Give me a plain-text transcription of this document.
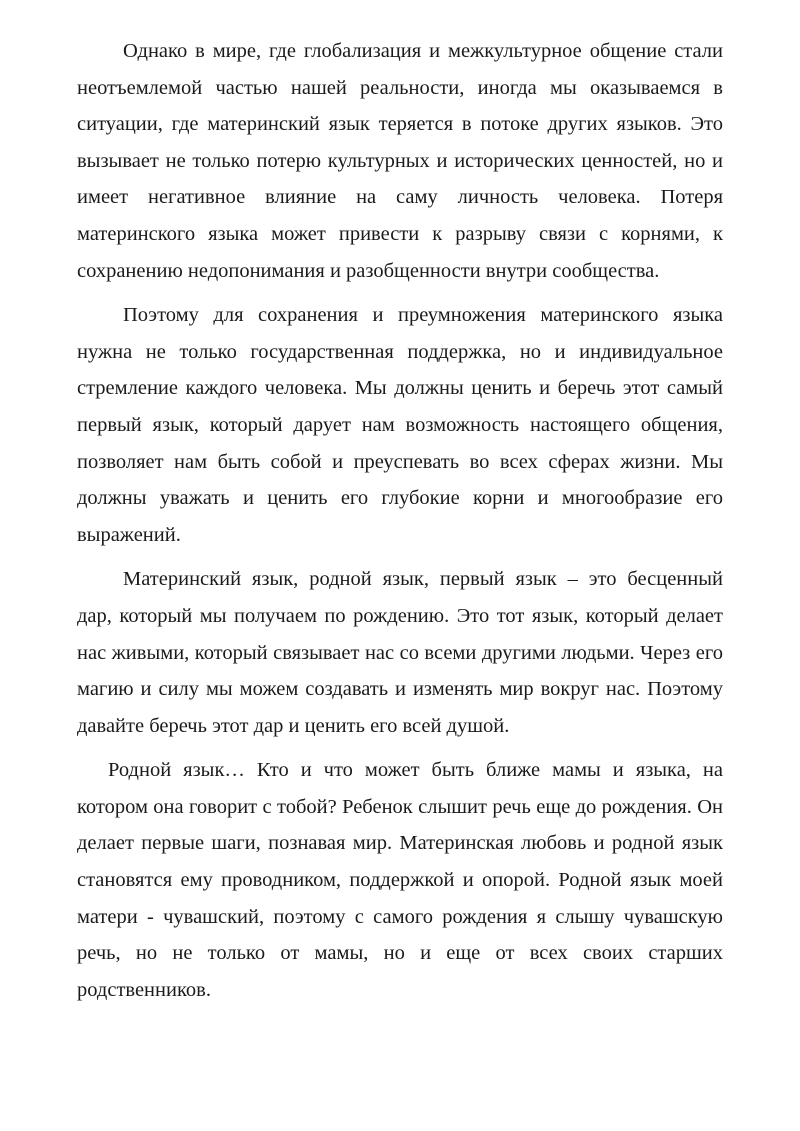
Однако в мире, где глобализация и межкультурное общение стали
неотъемлемой частью нашей реальности, иногда мы оказываемся в
ситуации, где материнский язык теряется в потоке других языков. Это
вызывает не только потерю культурных и исторических ценностей, но и
имеет негативное влияние на саму личность человека. Потеря
материнского языка может привести к разрыву связи с корнями, к
сохранению недопонимания и разобщенности внутри сообщества.
Поэтому для сохранения и преумножения материнского языка
нужна не только государственная поддержка, но и индивидуальное
стремление каждого человека. Мы должны ценить и беречь этот самый
первый язык, который дарует нам возможность настоящего общения,
позволяет нам быть собой и преуспевать во всех сферах жизни. Мы
должны уважать и ценить его глубокие корни и многообразие его
выражений.
Материнский язык, родной язык, первый язык – это бесценный
дар, который мы получаем по рождению. Это тот язык, который делает
нас живыми, который связывает нас со всеми другими людьми. Через его
магию и силу мы можем создавать и изменять мир вокруг нас. Поэтому
давайте беречь этот дар и ценить его всей душой.
Родной язык… Кто и что может быть ближе мамы и языка, на
котором она говорит с тобой? Ребенок слышит речь еще до рождения. Он
делает первые шаги, познавая мир. Материнская любовь и родной язык
становятся ему проводником, поддержкой и опорой. Родной язык моей
матери - чувашский, поэтому с самого рождения я слышу чувашскую
речь, но не только от мамы, но и еще от всех своих старших
родственников.
